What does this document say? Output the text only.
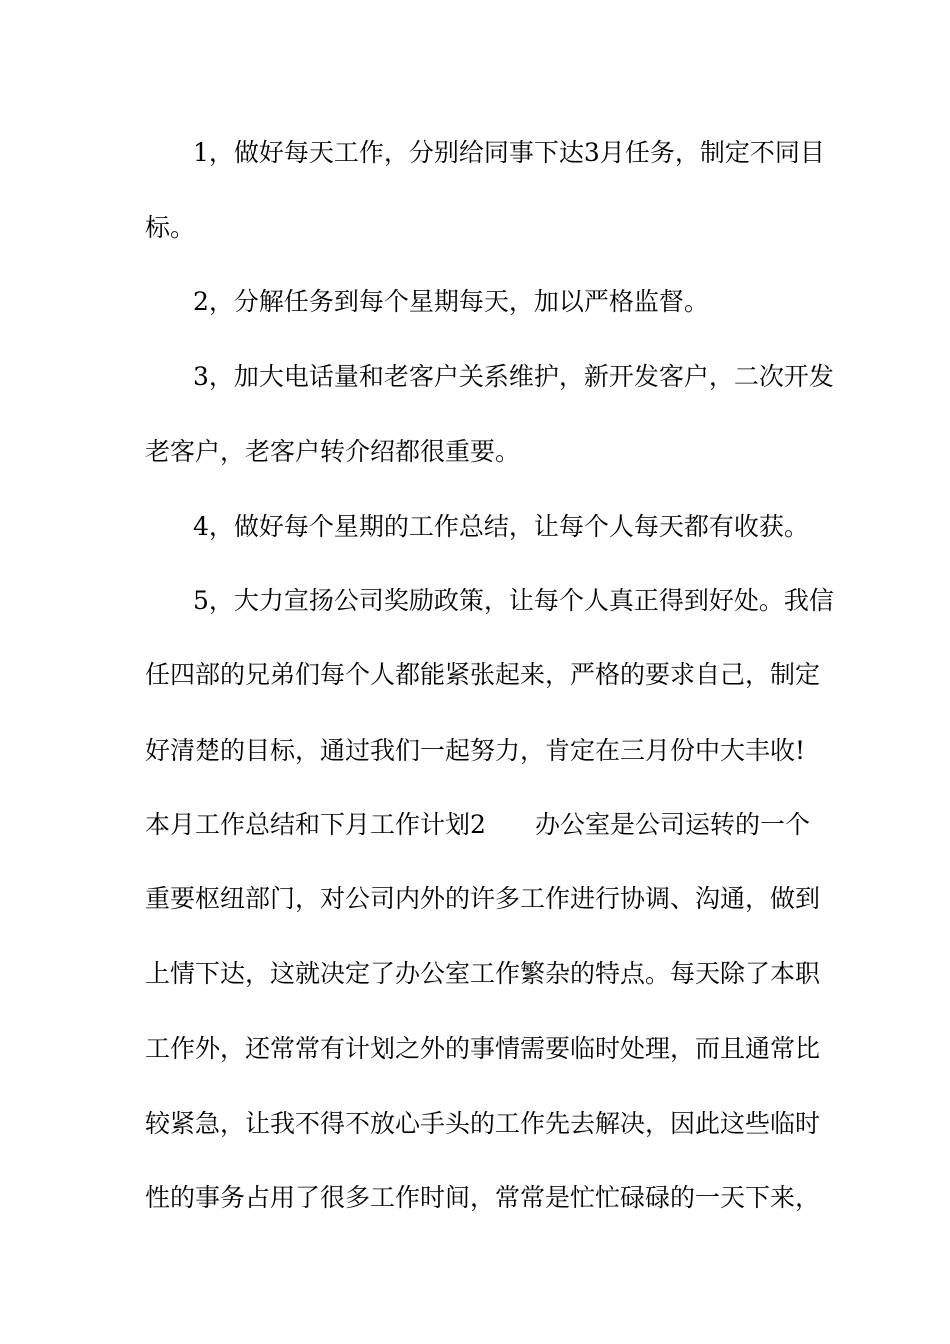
1，做好每天工作，分别给同事下达3月任务，制定不同目
标。
2，分解任务到每个星期每天，加以严格监督。
3，加大电话量和老客户关系维护，新开发客户，二次开发
老客户，老客户转介绍都很重要。
4，做好每个星期的工作总结，让每个人每天都有收获。
5，大力宣扬公司奖励政策，让每个人真正得到好处。我信
任四部的兄弟们每个人都能紧张起来，严格的要求自己，制定
好清楚的目标，通过我们一起努力，肯定在三月份中大丰收!
本月工作总结和下月工作计划2 办公室是公司运转的一个
重要枢纽部门，对公司内外的许多工作进行协调、沟通，做到
上情下达，这就决定了办公室工作繁杂的特点。每天除了本职
工作外，还常常有计划之外的事情需要临时处理，而且通常比
较紧急，让我不得不放心手头的工作先去解决，因此这些临时
性的事务占用了很多工作时间，常常是忙忙碌碌的一天下来，
